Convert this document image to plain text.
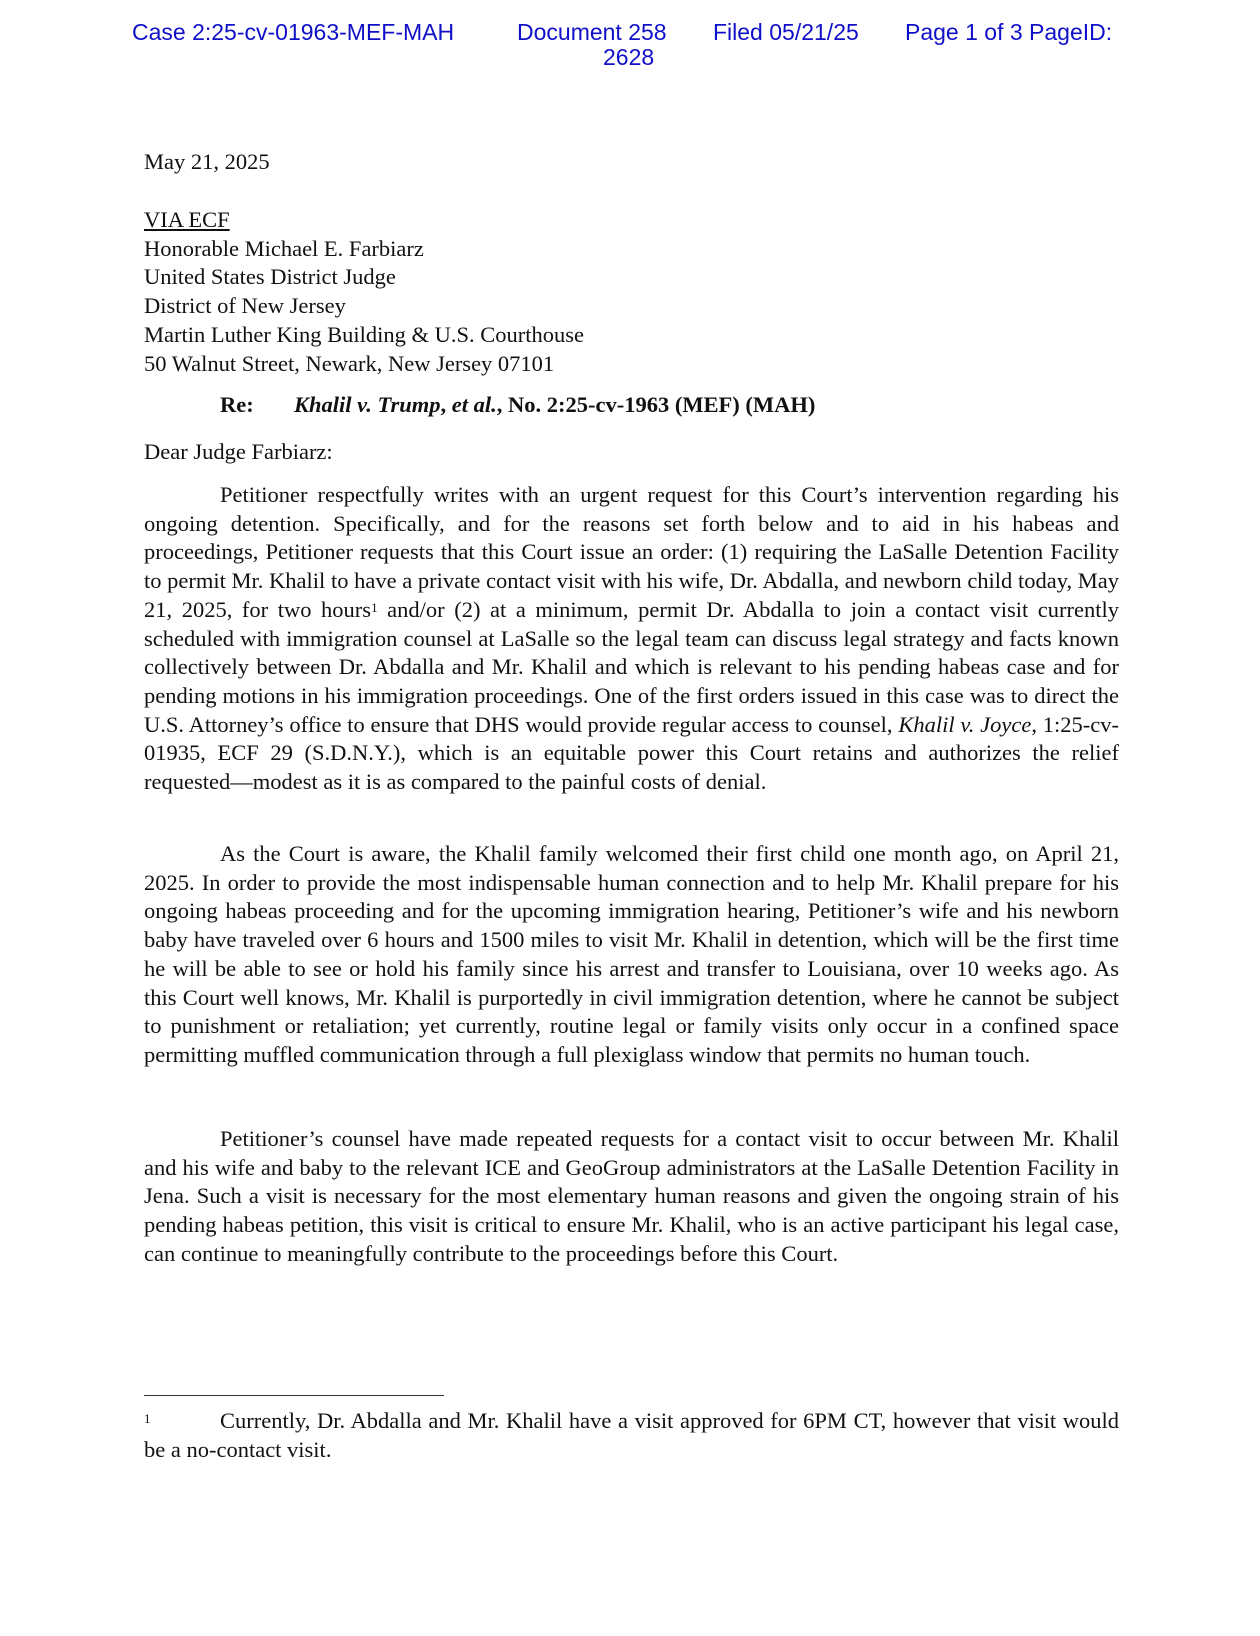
Case 2:25-cv-01963-MEF-MAH	Document 258 Filed 05/21/25 Page 1 of 3 PageID:
2628
May 21, 2025
VIA ECF
Honorable Michael E. Farbiarz
United States District Judge
District of New Jersey
Martin Luther King Building & U.S. Courthouse
50 Walnut Street, Newark, New Jersey 07101
Re: Khalil v. Trump, et al., No. 2:25-cv-1963 (MEF) (MAH)
Dear Judge Farbiarz:

Petitioner respectfully writes with an urgent request for this Court’s intervention regarding his ongoing detention. Specifically, and for the reasons set forth below and to aid in his habeas and proceedings, Petitioner requests that this Court issue an order: (1) requiring the LaSalle Detention Facility to permit Mr. Khalil to have a private contact visit with his wife, Dr. Abdalla, and newborn child today, May 21, 2025, for two hours$^1$ and/or (2) at a minimum, permit Dr. Abdalla to join a contact visit currently scheduled with immigration counsel at LaSalle so the legal team can discuss legal strategy and facts known collectively between Dr. Abdalla and Mr. Khalil and which is relevant to his pending habeas case and for pending motions in his immigration proceedings. One of the first orders issued in this case was to direct the U.S. Attorney’s office to ensure that DHS would provide regular access to counsel, Khalil v. Joyce, 1:25-cv-01935, ECF 29 (S.D.N.Y.), which is an equitable power this Court retains and authorizes the relief requested—modest as it is as compared to the painful costs of denial.

As the Court is aware, the Khalil family welcomed their first child one month ago, on April 21, 2025. In order to provide the most indispensable human connection and to help Mr. Khalil prepare for his ongoing habeas proceeding and for the upcoming immigration hearing, Petitioner’s wife and his newborn baby have traveled over 6 hours and 1500 miles to visit Mr. Khalil in detention, which will be the first time he will be able to see or hold his family since his arrest and transfer to Louisiana, over 10 weeks ago. As this Court well knows, Mr. Khalil is purportedly in civil immigration detention, where he cannot be subject to punishment or retaliation; yet currently, routine legal or family visits only occur in a confined space permitting muffled communication through a full plexiglass window that permits no human touch.

Petitioner’s counsel have made repeated requests for a contact visit to occur between Mr. Khalil and his wife and baby to the relevant ICE and GeoGroup administrators at the LaSalle Detention Facility in Jena. Such a visit is necessary for the most elementary human reasons and given the ongoing strain of his pending habeas petition, this visit is critical to ensure Mr. Khalil, who is an active participant his legal case, can continue to meaningfully contribute to the proceedings before this Court.

$^1$	Currently, Dr. Abdalla and Mr. Khalil have a visit approved for 6PM CT, however that visit would be a no-contact visit.
